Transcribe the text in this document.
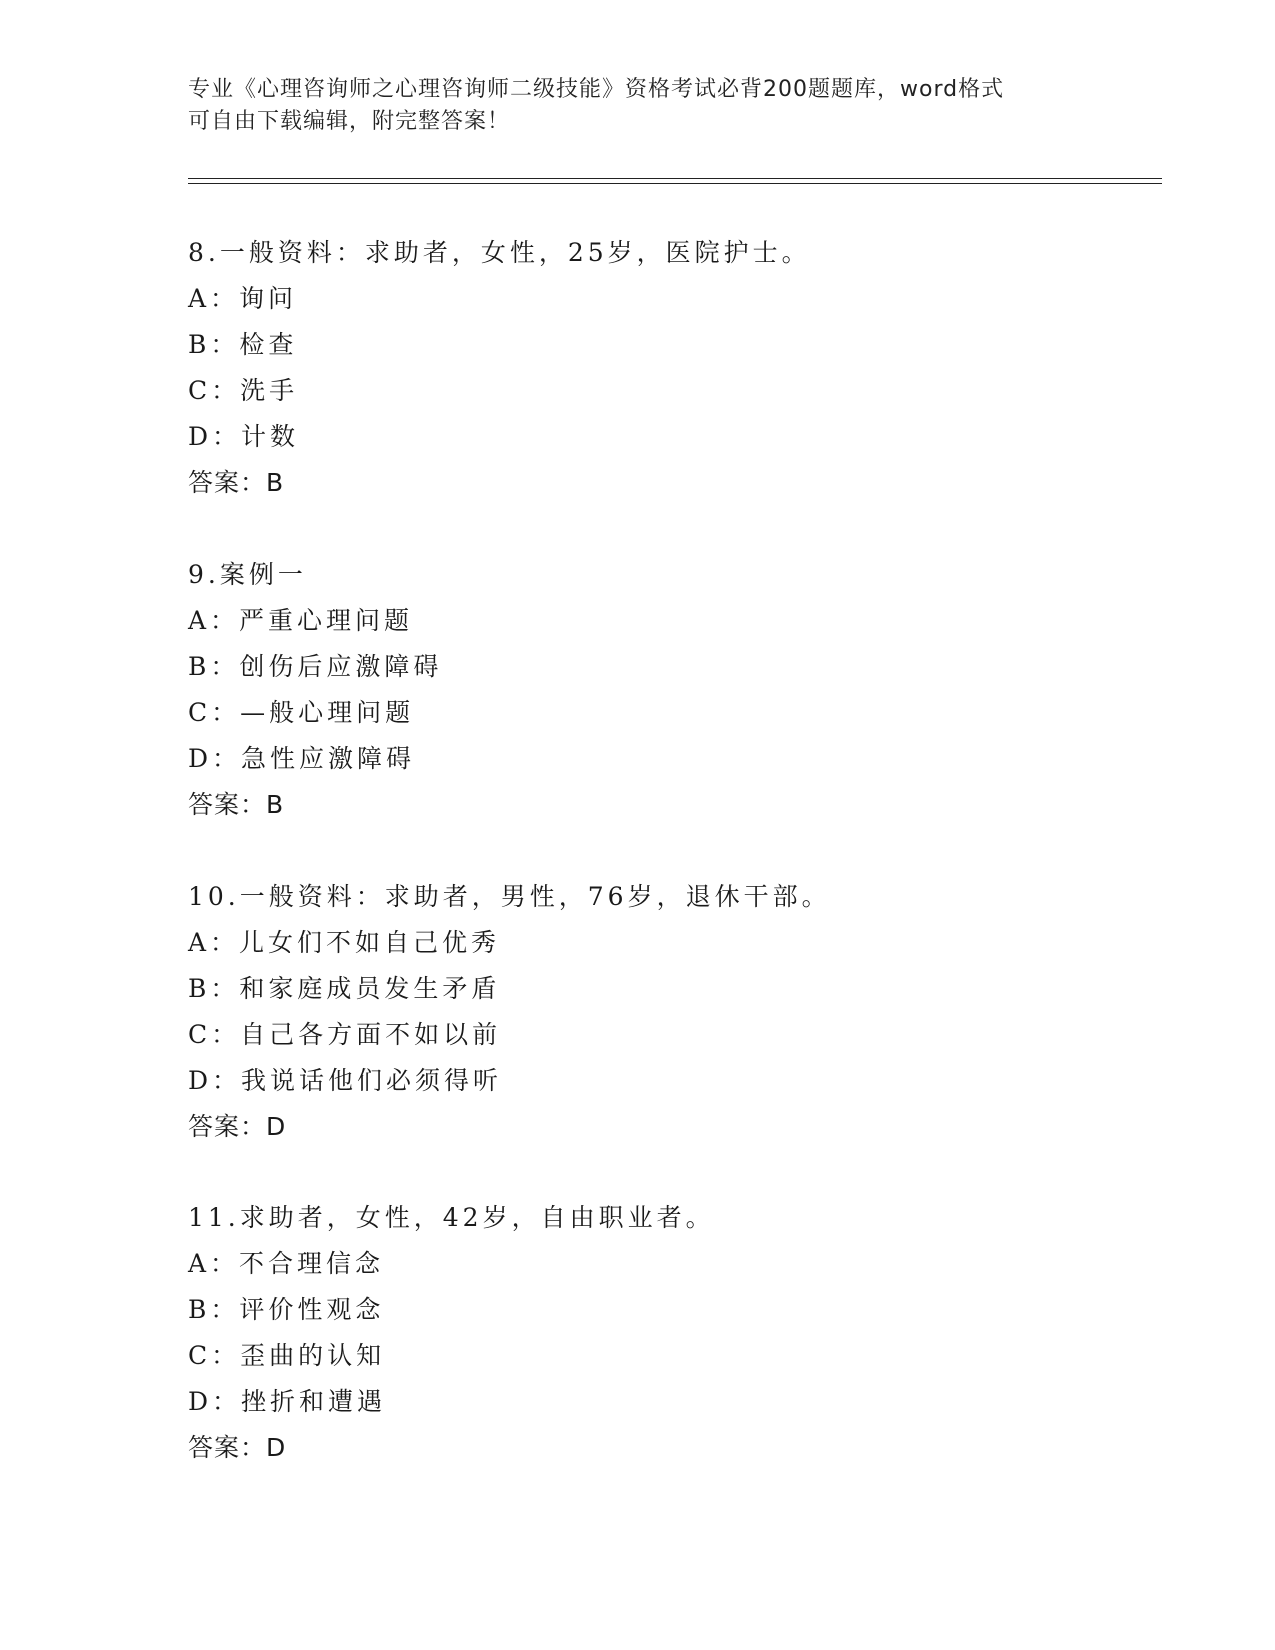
专业《心理咨询师之心理咨询师二级技能》资格考试必背200题题库，word格式
可自由下载编辑，附完整答案！
8.一般资料：求助者，女性，25岁，医院护士。
A：询问
B：检查
C：洗手
D：计数
答案：B
9.案例一
A：严重心理问题
B：创伤后应激障碍
C：—般心理问题
D：急性应激障碍
答案：B
10.一般资料：求助者，男性，76岁，退休干部。
A：儿女们不如自己优秀
B：和家庭成员发生矛盾
C：自己各方面不如以前
D：我说话他们必须得听
答案：D
11.求助者，女性，42岁，自由职业者。
A：不合理信念
B：评价性观念
C：歪曲的认知
D：挫折和遭遇
答案：D
